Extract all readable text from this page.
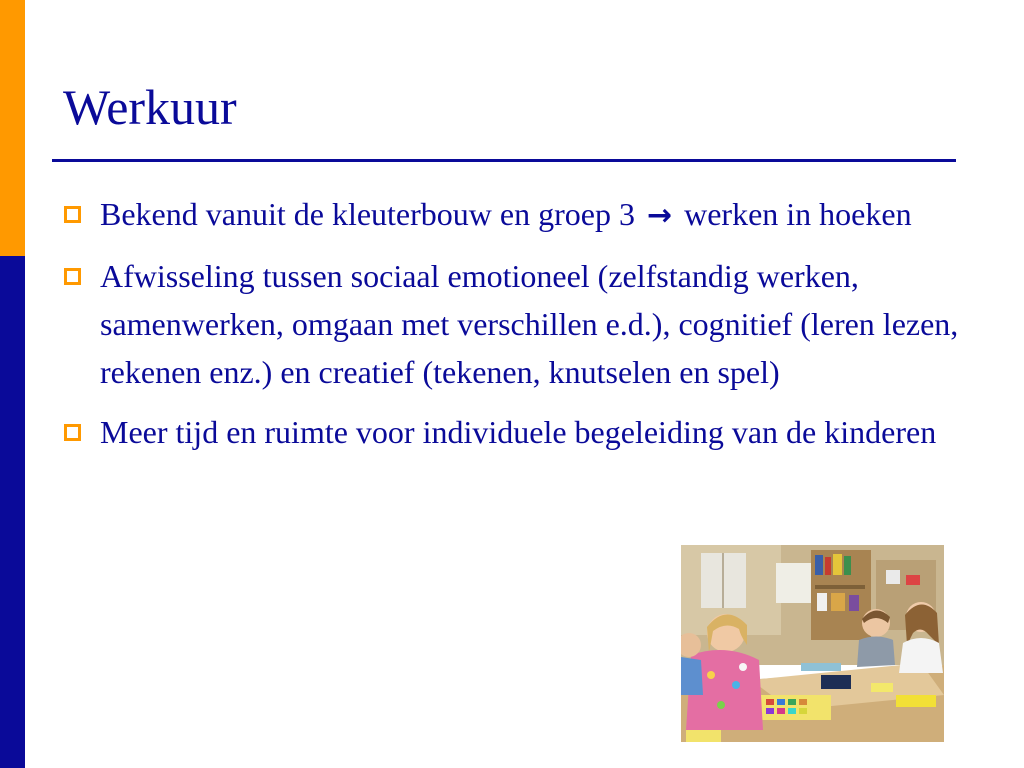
Werkuur
Bekend vanuit de kleuterbouw en groep 3 → werken in hoeken
Afwisseling tussen sociaal emotioneel (zelfstandig werken, samenwerken, omgaan met verschillen e.d.), cognitief (leren lezen, rekenen enz.) en creatief (tekenen, knutselen en spel)
Meer tijd en ruimte voor individuele begeleiding van de kinderen
